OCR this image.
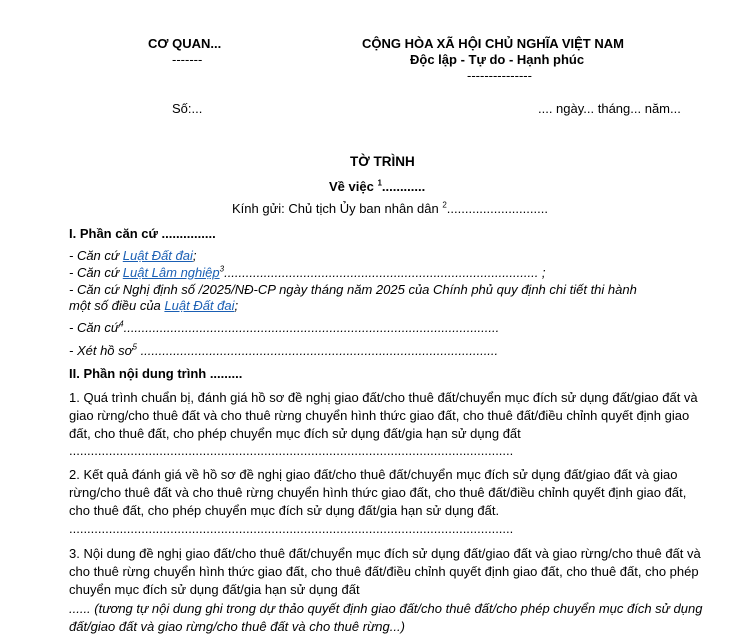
CƠ QUAN...
-------
CỘNG HÒA XÃ HỘI CHỦ NGHĨA VIỆT NAM
Độc lập - Tự do - Hạnh phúc
---------------
Số:...	.... ngày... tháng... năm...
TỜ TRÌNH
Về việc $^1$............
Kính gửi: Chủ tịch Ủy ban nhân dân $^2$............................
I. Phần căn cứ ...............
- Căn cứ Luật Đất đai;
- Căn cứ Luật Lâm nghiệp$^3$....................................................................................... ;
- Căn cứ Nghị định số /2025/NĐ-CP ngày tháng năm 2025 của Chính phủ quy định chi tiết thi hành
một số điều của Luật Đất đai;
- Căn cứ$^4$........................................................................................................
- Xét hồ $sơ^5$ ...................................................................................................
II. Phần nội dung trình .........
1. Quá trình chuẩn bị, đánh giá hồ sơ đề nghị giao đất/cho thuê đất/chuyển mục đích sử dụng đất/giao đất và giao rừng/cho thuê đất và cho thuê rừng chuyển hình thức giao đất, cho thuê đất/điều chỉnh quyết định giao đất, cho thuê đất, cho phép chuyển mục đích sử dụng đất/gia hạn sử dụng đất
...........................................................................................................................
2. Kết quả đánh giá về hồ sơ đề nghị giao đất/cho thuê đất/chuyển mục đích sử dụng đất/giao đất và giao rừng/cho thuê đất và cho thuê rừng chuyển hình thức giao đất, cho thuê đất/điều chỉnh quyết định giao đất, cho thuê đất, cho phép chuyển mục đích sử dụng đất/gia hạn sử dụng đất.
...........................................................................................................................
3. Nội dung đề nghị giao đất/cho thuê đất/chuyển mục đích sử dụng đất/giao đất và giao rừng/cho thuê đất và cho thuê rừng chuyển hình thức giao đất, cho thuê đất/điều chỉnh quyết định giao đất, cho thuê đất, cho phép chuyển mục đích sử dụng đất/gia hạn sử dụng đất
...... (tương tự nội dung ghi trong dự thảo quyết định giao đất/cho thuê đất/cho phép chuyển mục đích sử dụng đất/giao đất và giao rừng/cho thuê đất và cho thuê rừng...)
